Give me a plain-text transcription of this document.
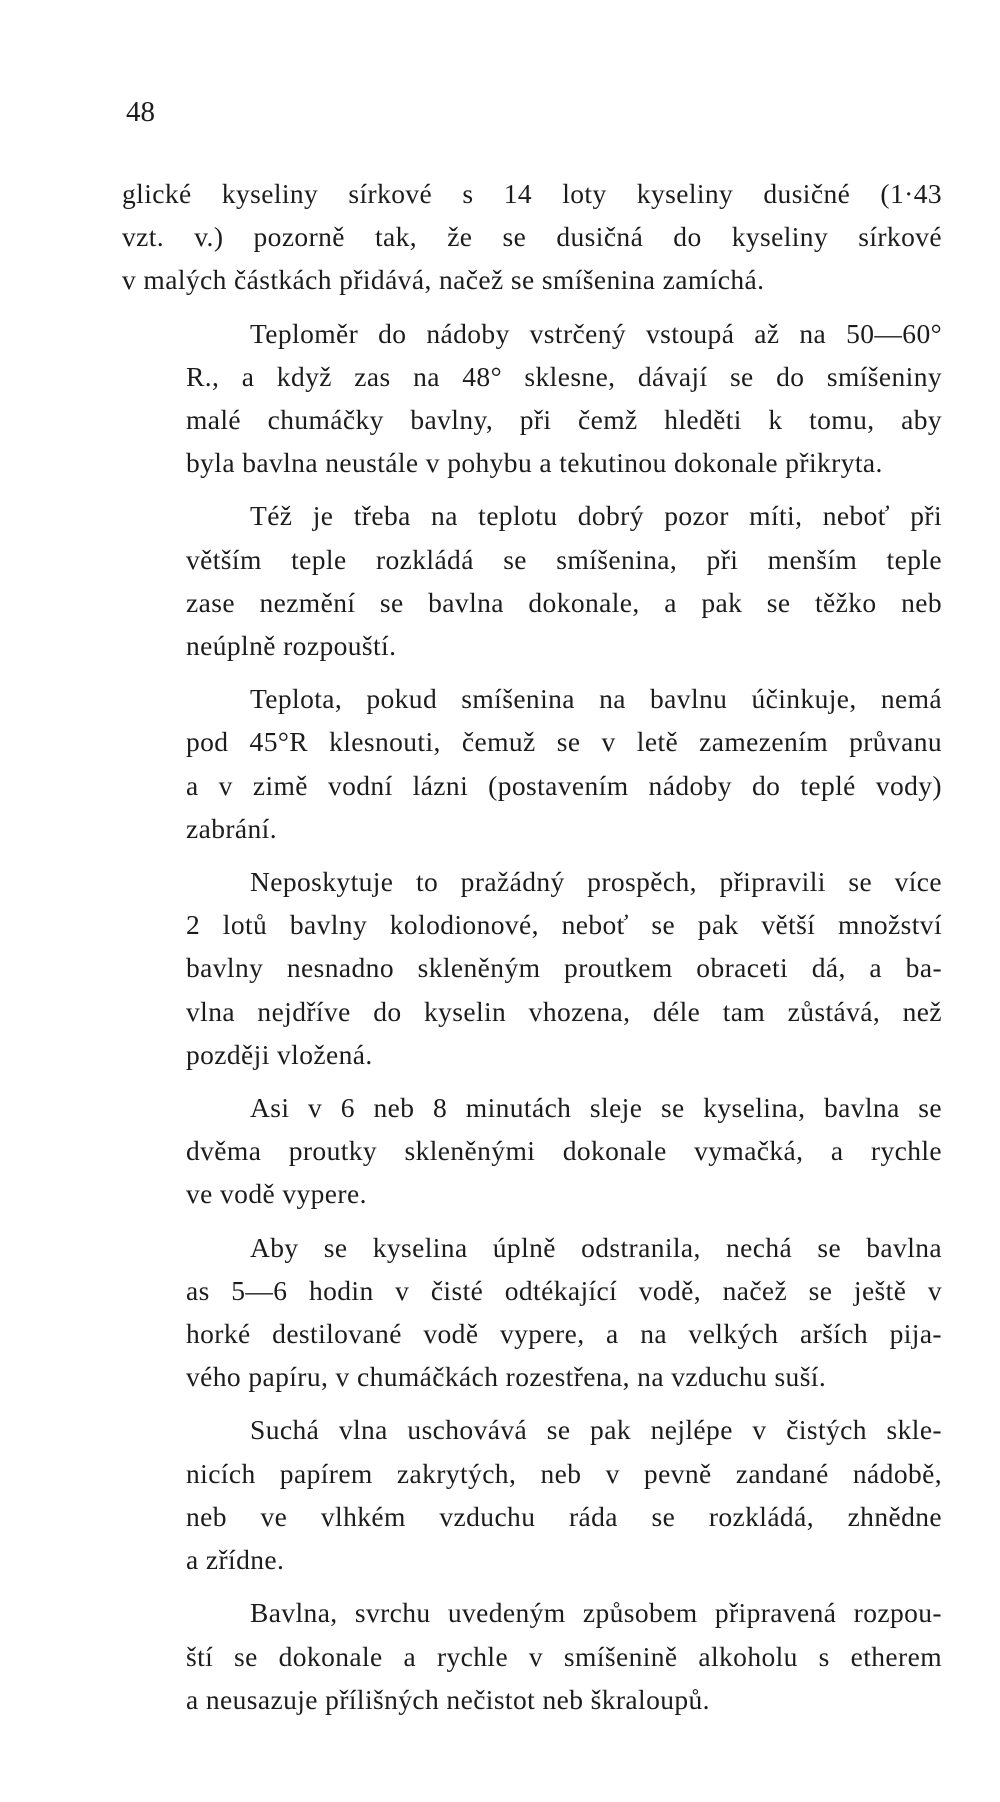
48
glické kyseliny sírkové s 14 loty kyseliny dusičné (1·43
vzt. v.) pozorně tak, že se dusičná do kyseliny sírkové
v malých částkách přidává, načež se smíšenina zamíchá.
Teploměr do nádoby vstrčený vstoupá až na 50—60°
R., a když zas na 48° sklesne, dávají se do smíšeniny
malé chumáčky bavlny, při čemž hleděti k tomu, aby
byla bavlna neustále v pohybu a tekutinou dokonale přikryta.
Též je třeba na teplotu dobrý pozor míti, neboť při
větším teple rozkládá se smíšenina, při menším teple
zase nezmění se bavlna dokonale, a pak se těžko neb
neúplně rozpouští.
Teplota, pokud smíšenina na bavlnu účinkuje, nemá
pod 45°R klesnouti, čemuž se v letě zamezením průvanu
a v zimě vodní lázni (postavením nádoby do teplé vody)
zabrání.
Neposkytuje to pražádný prospěch, připravili se více
2 lotů bavlny kolodionové, neboť se pak větší množství
bavlny nesnadno skleněným proutkem obraceti dá, a ba-
vlna nejdříve do kyselin vhozena, déle tam zůstává, než
později vložená.
Asi v 6 neb 8 minutách sleje se kyselina, bavlna se
dvěma proutky skleněnými dokonale vymačká, a rychle
ve vodě vypere.
Aby se kyselina úplně odstranila, nechá se bavlna
as 5—6 hodin v čisté odtékající vodě, načež se ještě v
horké destilované vodě vypere, a na velkých arších pija-
vého papíru, v chumáčkách rozestřena, na vzduchu suší.
Suchá vlna uschovává se pak nejlépe v čistých skle-
nicích papírem zakrytých, neb v pevně zandané nádobě,
neb ve vlhkém vzduchu ráda se rozkládá, zhnědne
a zřídne.
Bavlna, svrchu uvedeným způsobem připravená rozpou-
ští se dokonale a rychle v smíšenině alkoholu s etherem
a neusazuje přílišných nečistot neb škraloupů.
